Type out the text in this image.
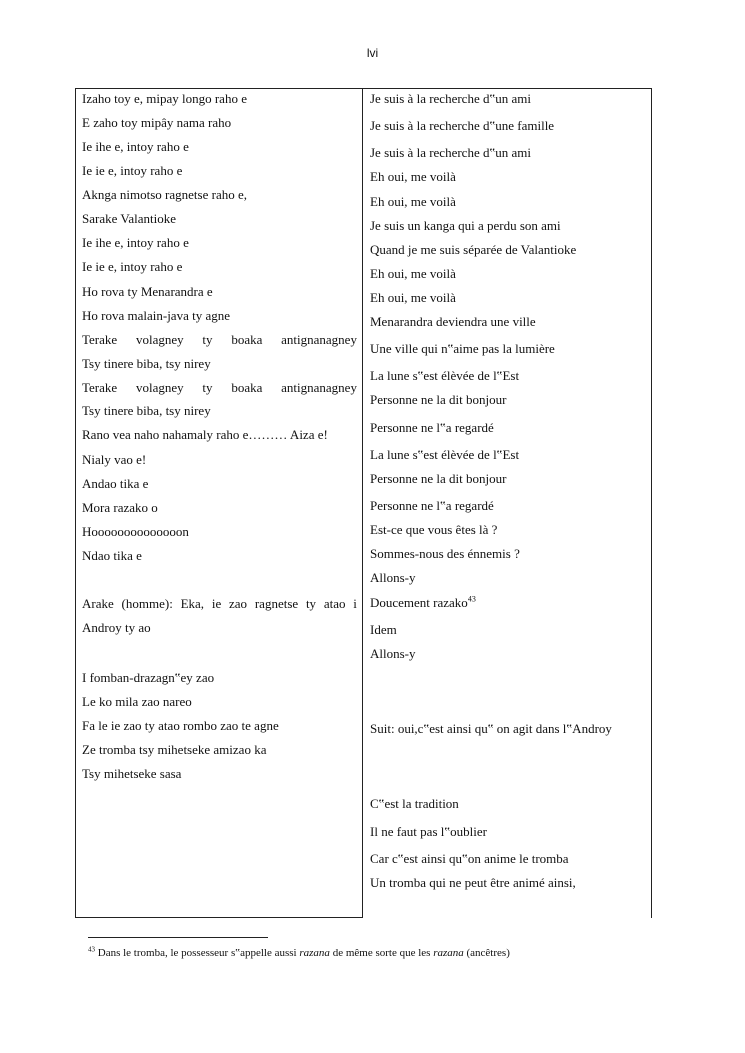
lvi
Izaho toy e, mipay longo raho e
E zaho toy mipây nama raho
Ie ihe e, intoy raho e
Ie ie e, intoy raho e
Aknga nimotso ragnetse raho e,
Sarake Valantioke
Ie ihe e, intoy raho e
Ie ie e, intoy raho e
Ho rova ty Menarandra e
Ho rova malain-java ty agne
Terake volagney ty boaka antignanagney
Tsy tinere biba, tsy nirey
Terake volagney ty boaka antignanagney
Tsy tinere biba, tsy nirey
Rano vea naho nahamaly raho e……… Aiza e!
Nialy vao e!
Andao tika e
Mora razako o
Hoooooooooooooon
Ndao tika e
Arake (homme): Eka, ie zao ragnetse ty atao i
Androy ty ao
I fomban-drazagn‟ey zao
Le ko mila zao nareo
Fa le ie zao ty atao rombo zao te agne
Ze tromba tsy mihetseke amizao ka
Tsy mihetseke sasa
Je suis à la recherche d‟un ami
Je suis à la recherche d‟une famille
Je suis à la recherche d‟un ami
Eh oui, me voilà
Eh oui, me voilà
Je suis un kanga qui a perdu son ami
Quand je me suis séparée de Valantioke
Eh oui, me voilà
Eh oui, me voilà
Menarandra deviendra une ville
Une ville qui n‟aime pas la lumière
La lune s‟est élèvée de l‟Est
Personne ne la dit bonjour
Personne ne l‟a regardé
La lune s‟est élèvée de l‟Est
Personne ne la dit bonjour
Personne ne l‟a regardé
Est-ce que vous êtes là ?
Sommes-nous des énnemis ?
Allons-y
Doucement razako$^{43}$
Idem
Allons-y
Suit: oui,c‟est ainsi qu‟ on agit dans l‟Androy
C‟est la tradition
Il ne faut pas l‟oublier
Car c‟est ainsi qu‟on anime le tromba
Un tromba qui ne peut être animé ainsi,
$^{43}$ Dans le tromba, le possesseur s‟appelle aussi razana de même sorte que les razana (ancêtres)
